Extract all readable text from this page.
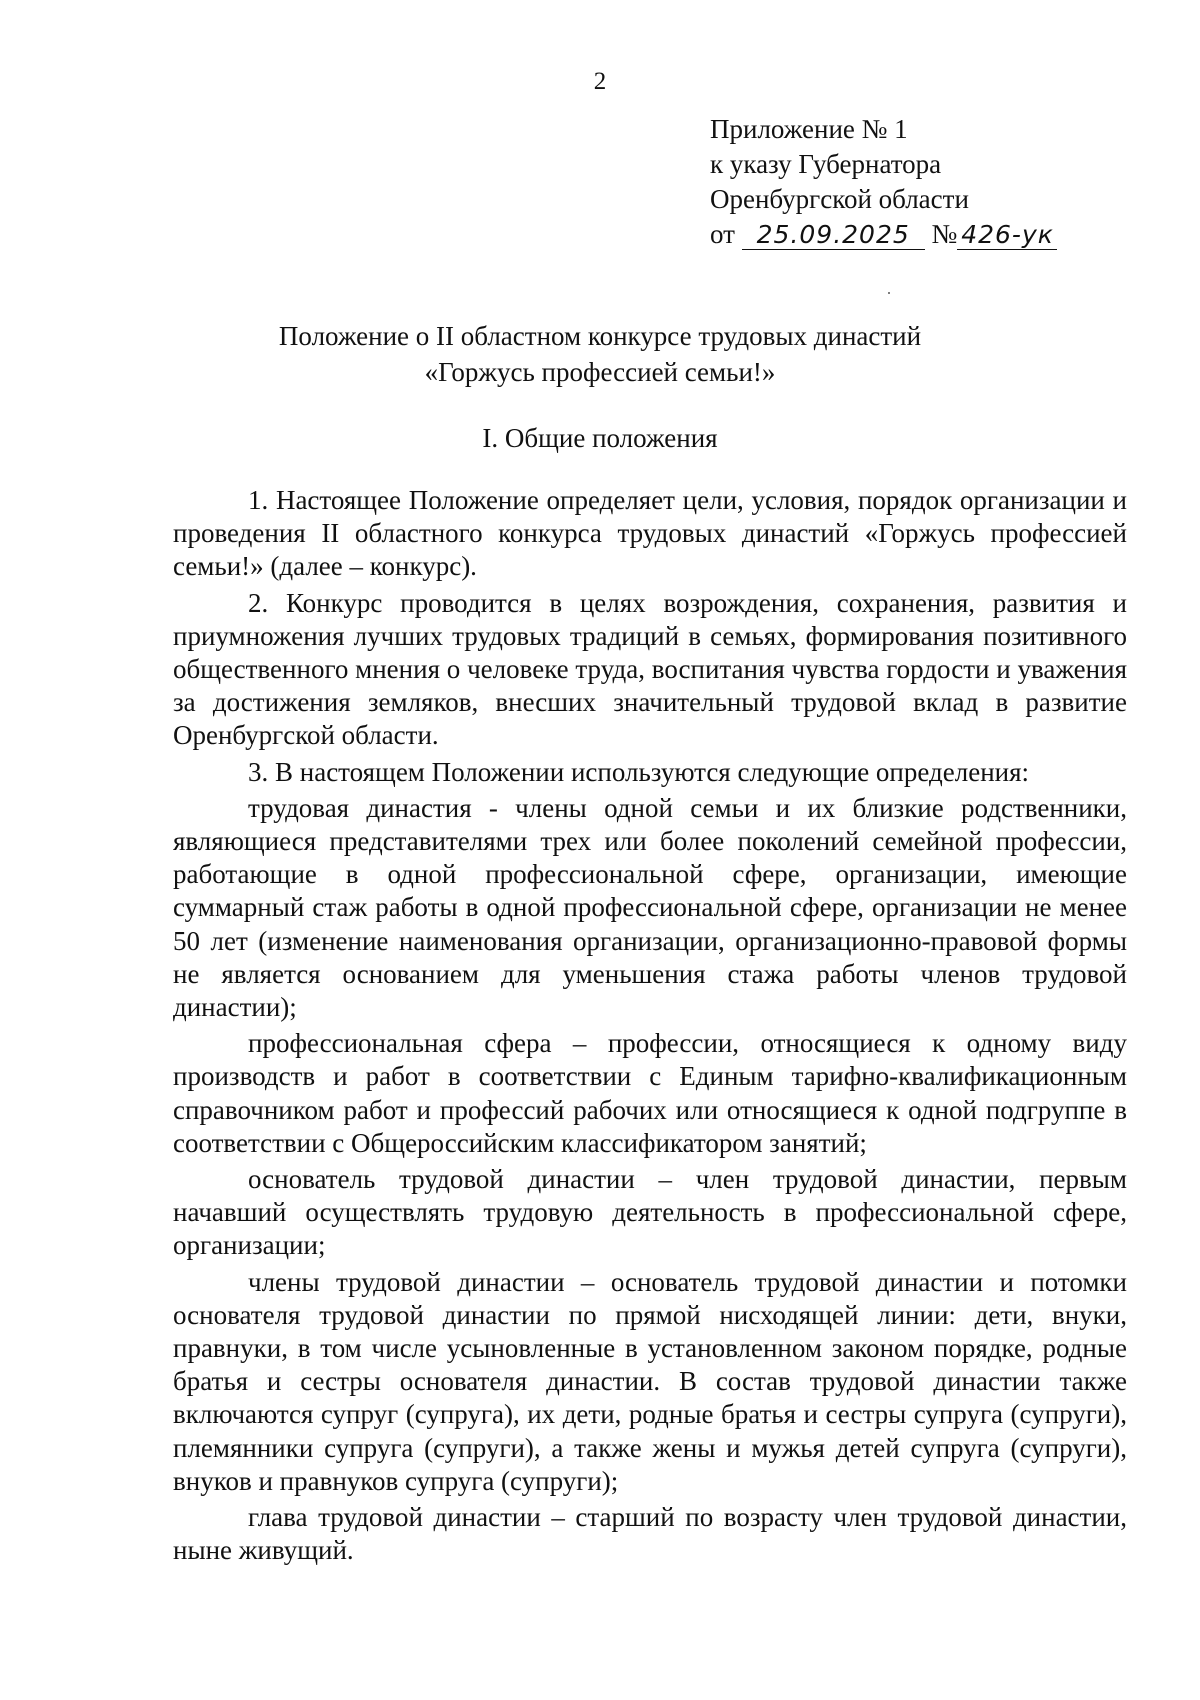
2
Приложение № 1
к указу Губернатора
Оренбургской области
от 25.09.2025 № 426-ук
Положение о II областном конкурсе трудовых династий
«Горжусь профессией семьи!»
I. Общие положения

1. Настоящее Положение определяет цели, условия, порядок организации и проведения II областного конкурса трудовых династий «Горжусь профессией семьи!» (далее – конкурс).

2. Конкурс проводится в целях возрождения, сохранения, развития и приумножения лучших трудовых традиций в семьях, формирования позитивного общественного мнения о человеке труда, воспитания чувства гордости и уважения за достижения земляков, внесших значительный трудовой вклад в развитие Оренбургской области.

3. В настоящем Положении используются следующие определения:

трудовая династия - члены одной семьи и их близкие родственники, являющиеся представителями трех или более поколений семейной профессии, работающие в одной профессиональной сфере, организации, имеющие суммарный стаж работы в одной профессиональной сфере, организации не менее 50 лет (изменение наименования организации, организационно-правовой формы не является основанием для уменьшения стажа работы членов трудовой династии);

профессиональная сфера – профессии, относящиеся к одному виду производств и работ в соответствии с Единым тарифно-квалификационным справочником работ и профессий рабочих или относящиеся к одной подгруппе в соответствии с Общероссийским классификатором занятий;

основатель трудовой династии – член трудовой династии, первым начавший осуществлять трудовую деятельность в профессиональной сфере, организации;

члены трудовой династии – основатель трудовой династии и потомки основателя трудовой династии по прямой нисходящей линии: дети, внуки, правнуки, в том числе усыновленные в установленном законом порядке, родные братья и сестры основателя династии. В состав трудовой династии также включаются супруг (супруга), их дети, родные братья и сестры супруга (супруги), племянники супруга (супруги), а также жены и мужья детей супруга (супруги), внуков и правнуков супруга (супруги);

глава трудовой династии – старший по возрасту член трудовой династии, ныне живущий.
